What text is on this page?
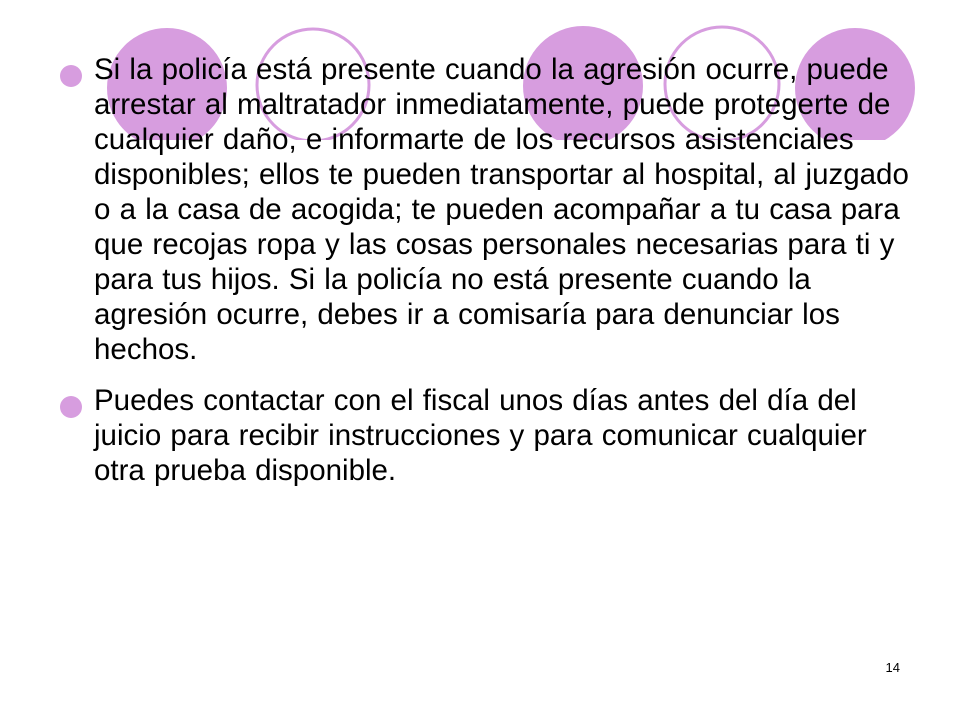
Si la policía está presente cuando la agresión ocurre, puede arrestar al maltratador inmediatamente, puede protegerte de cualquier daño, e informarte de los recursos asistenciales disponibles; ellos te pueden transportar al hospital, al juzgado o a la casa de acogida; te pueden acompañar a tu casa para que recojas ropa y las cosas personales necesarias para ti y para tus hijos. Si la policía no está presente cuando la agresión ocurre, debes ir a comisaría para denunciar los hechos.
Puedes contactar con el fiscal unos días antes del día del juicio para recibir instrucciones y para comunicar cualquier otra prueba disponible.
14
